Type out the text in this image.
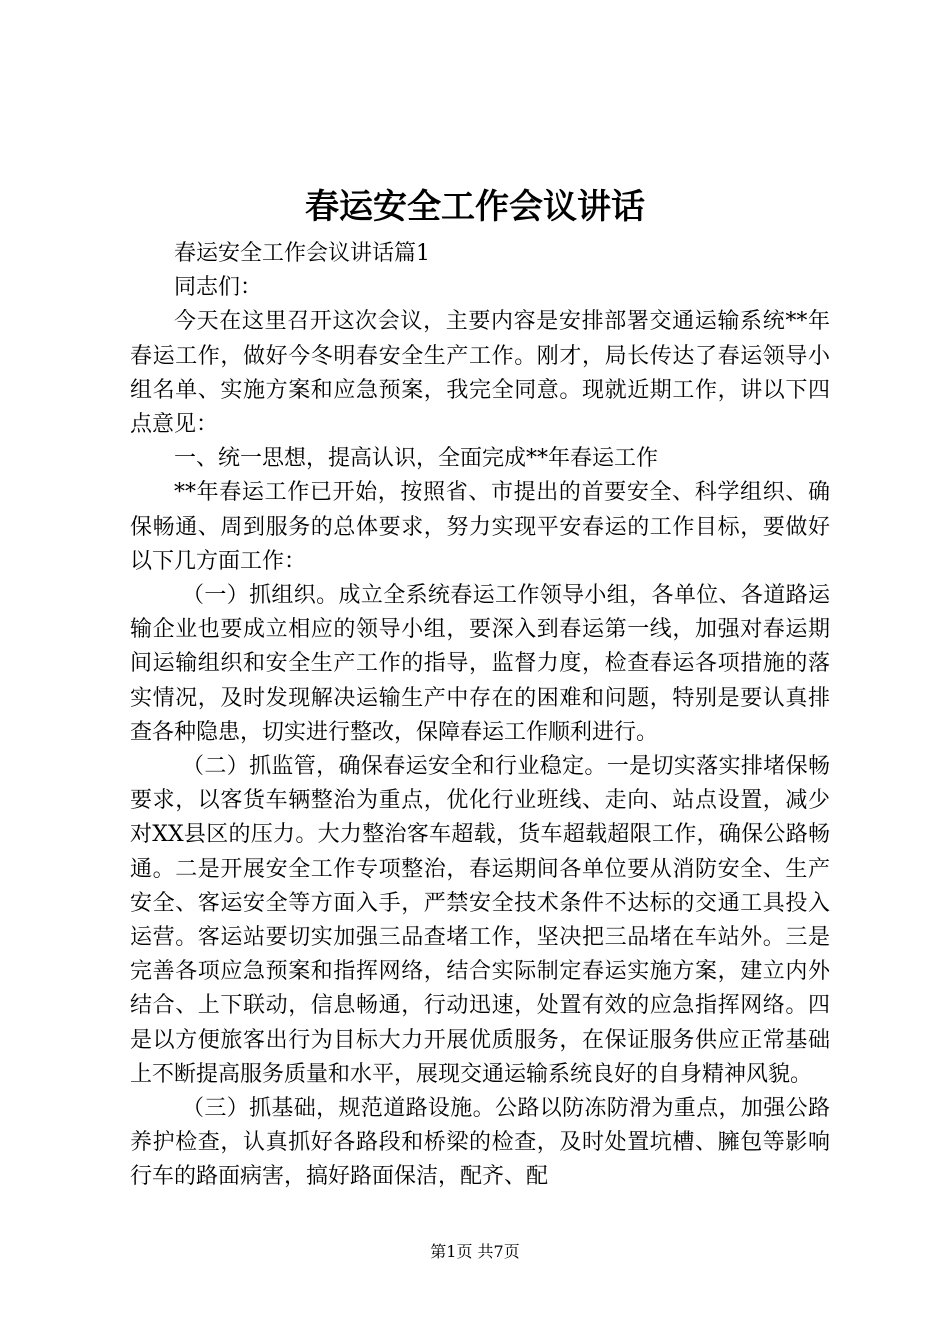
春运安全工作会议讲话

春运安全工作会议讲话篇1

同志们：

今天在这里召开这次会议，主要内容是安排部署交通运输系统**年春运工作，做好今冬明春安全生产工作。刚才，局长传达了春运领导小组名单、实施方案和应急预案，我完全同意。现就近期工作，讲以下四点意见：

一、统一思想，提高认识，全面完成**年春运工作

**年春运工作已开始，按照省、市提出的首要安全、科学组织、确保畅通、周到服务的总体要求，努力实现平安春运的工作目标，要做好以下几方面工作：

（一）抓组织。成立全系统春运工作领导小组，各单位、各道路运输企业也要成立相应的领导小组，要深入到春运第一线，加强对春运期间运输组织和安全生产工作的指导，监督力度，检查春运各项措施的落实情况，及时发现解决运输生产中存在的困难和问题，特别是要认真排查各种隐患，切实进行整改，保障春运工作顺利进行。

（二）抓监管，确保春运安全和行业稳定。一是切实落实排堵保畅要求，以客货车辆整治为重点，优化行业班线、走向、站点设置，减少对XX县区的压力。大力整治客车超载，货车超载超限工作，确保公路畅通。二是开展安全工作专项整治，春运期间各单位要从消防安全、生产安全、客运安全等方面入手，严禁安全技术条件不达标的交通工具投入运营。客运站要切实加强三品查堵工作，坚决把三品堵在车站外。三是完善各项应急预案和指挥网络，结合实际制定春运实施方案，建立内外结合、上下联动，信息畅通，行动迅速，处置有效的应急指挥网络。四是以方便旅客出行为目标大力开展优质服务，在保证服务供应正常基础上不断提高服务质量和水平，展现交通运输系统良好的自身精神风貌。

（三）抓基础，规范道路设施。公路以防冻防滑为重点，加强公路养护检查，认真抓好各路段和桥梁的检查，及时处置坑槽、臃包等影响行车的路面病害，搞好路面保洁，配齐、配

第1页 共7页
